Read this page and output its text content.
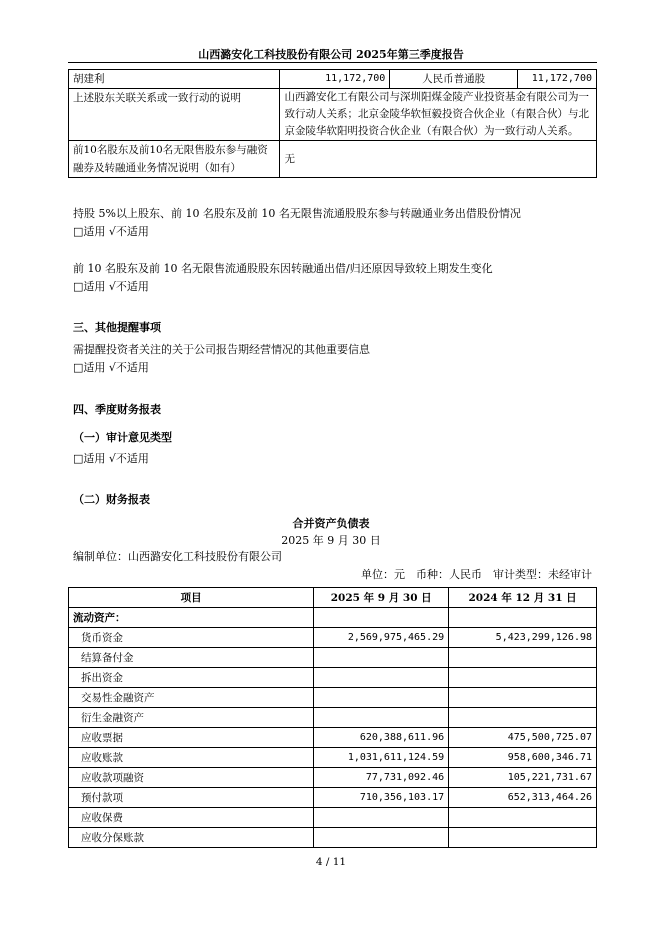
山西潞安化工科技股份有限公司 2025年第三季度报告
胡建利	11,172,700	人民币普通股	11,172,700
上述股东关联关系或一致行动的说明	山西潞安化工有限公司与深圳阳煤金陵产业投资基金有限公司为一致行动人关系；北京金陵华软恒毅投资合伙企业（有限合伙）与北京金陵华软阳明投资合伙企业（有限合伙）为一致行动人关系。		
前10名股东及前10名无限售股东参与融资融券及转融通业务情况说明（如有）	无		
持股 5%以上股东、前 10 名股东及前 10 名无限售流通股股东参与转融通业务出借股份情况
□适用 √不适用
前 10 名股东及前 10 名无限售流通股股东因转融通出借/归还原因导致较上期发生变化
□适用 √不适用
三、其他提醒事项
需提醒投资者关注的关于公司报告期经营情况的其他重要信息
□适用 √不适用
四、季度财务报表
（一）审计意见类型
□适用 √不适用
（二）财务报表
合并资产负债表
2025 年 9 月 30 日
编制单位：山西潞安化工科技股份有限公司
单位：元　币种：人民币　审计类型：未经审计
项目	2025 年 9 月 30 日	2024 年 12 月 31 日
流动资产：		
货币资金	2,569,975,465.29	5,423,299,126.98
结算备付金		
拆出资金		
交易性金融资产		
衍生金融资产		
应收票据	620,388,611.96	475,500,725.07
应收账款	1,031,611,124.59	958,600,346.71
应收款项融资	77,731,092.46	105,221,731.67
预付款项	710,356,103.17	652,313,464.26
应收保费		
应收分保账款		
4 / 11
